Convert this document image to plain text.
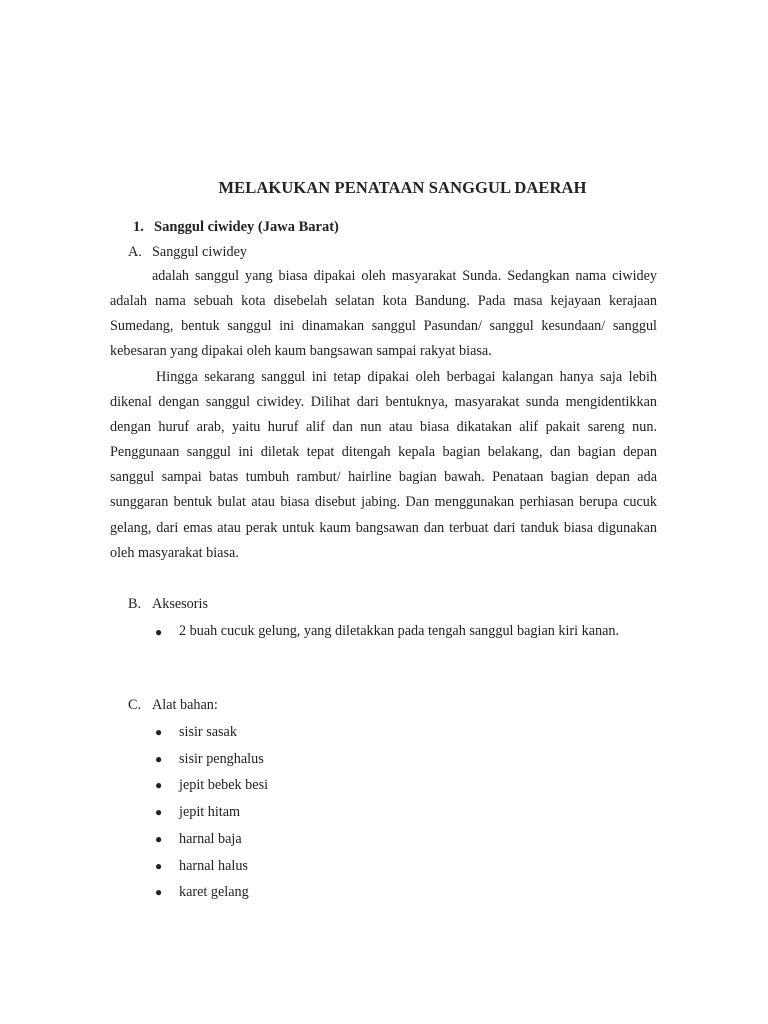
MELAKUKAN PENATAAN SANGGUL DAERAH
1. Sanggul ciwidey (Jawa Barat)
A. Sanggul ciwidey

adalah sanggul yang biasa dipakai oleh masyarakat Sunda. Sedangkan nama ciwidey adalah nama sebuah kota disebelah selatan kota Bandung. Pada masa kejayaan kerajaan Sumedang, bentuk sanggul ini dinamakan sanggul Pasundan/ sanggul kesundaan/ sanggul kebesaran yang dipakai oleh kaum bangsawan sampai rakyat biasa.

Hingga sekarang sanggul ini tetap dipakai oleh berbagai kalangan hanya saja lebih dikenal dengan sanggul ciwidey. Dilihat dari bentuknya, masyarakat sunda mengidentikkan dengan huruf arab, yaitu huruf alif dan nun atau biasa dikatakan alif pakait sareng nun. Penggunaan sanggul ini diletak tepat ditengah kepala bagian belakang, dan bagian depan sanggul sampai batas tumbuh rambut/ hairline bagian bawah. Penataan bagian depan ada sunggaran bentuk bulat atau biasa disebut jabing. Dan menggunakan perhiasan berupa cucuk gelang, dari emas atau perak untuk kaum bangsawan dan terbuat dari tanduk biasa digunakan oleh masyarakat biasa.

B. Aksesoris
● 2 buah cucuk gelung, yang diletakkan pada tengah sanggul bagian kiri kanan.
C. Alat bahan:
● sisir sasak
● sisir penghalus
● jepit bebek besi
● jepit hitam
● harnal baja
● harnal halus
● karet gelang
